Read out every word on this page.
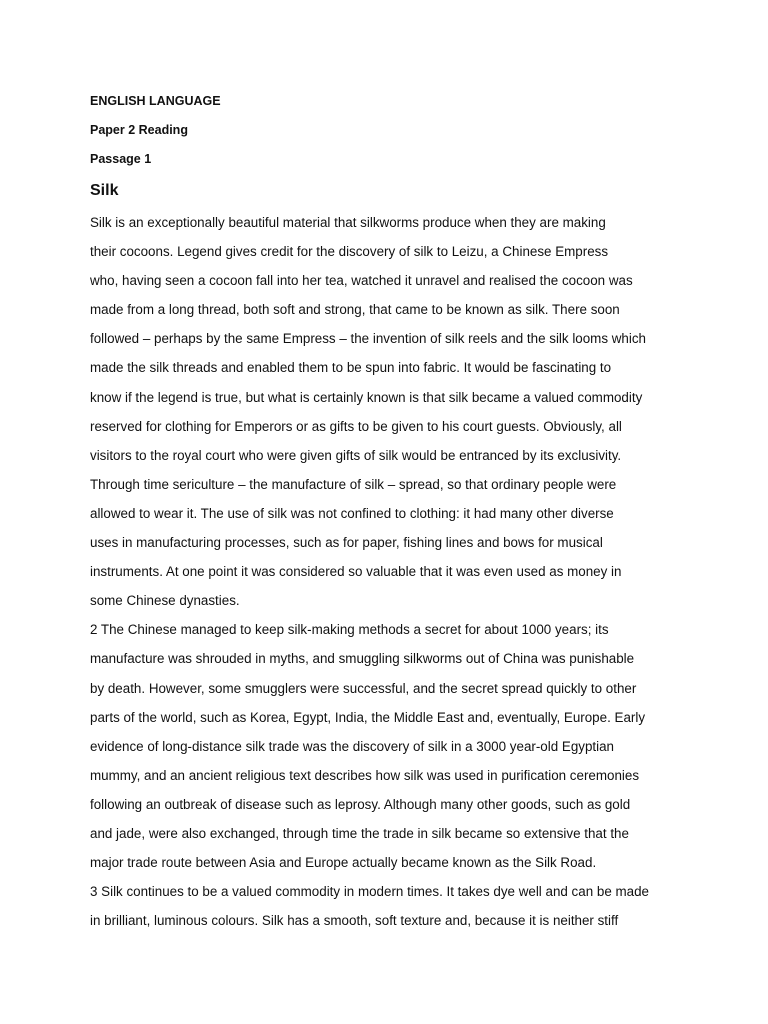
ENGLISH LANGUAGE
Paper 2 Reading
Passage 1
Silk
Silk is an exceptionally beautiful material that silkworms produce when they are making
their cocoons. Legend gives credit for the discovery of silk to Leizu, a Chinese Empress
who, having seen a cocoon fall into her tea, watched it unravel and realised the cocoon was
made from a long thread, both soft and strong, that came to be known as silk. There soon
followed – perhaps by the same Empress – the invention of silk reels and the silk looms which
made the silk threads and enabled them to be spun into fabric. It would be fascinating to
know if the legend is true, but what is certainly known is that silk became a valued commodity
reserved for clothing for Emperors or as gifts to be given to his court guests. Obviously, all
visitors to the royal court who were given gifts of silk would be entranced by its exclusivity.
Through time sericulture – the manufacture of silk – spread, so that ordinary people were
allowed to wear it. The use of silk was not confined to clothing: it had many other diverse
uses in manufacturing processes, such as for paper, fishing lines and bows for musical
instruments. At one point it was considered so valuable that it was even used as money in
some Chinese dynasties.
2 The Chinese managed to keep silk-making methods a secret for about 1000 years; its
manufacture was shrouded in myths, and smuggling silkworms out of China was punishable
by death. However, some smugglers were successful, and the secret spread quickly to other
parts of the world, such as Korea, Egypt, India, the Middle East and, eventually, Europe. Early
evidence of long-distance silk trade was the discovery of silk in a 3000 year-old Egyptian
mummy, and an ancient religious text describes how silk was used in purification ceremonies
following an outbreak of disease such as leprosy. Although many other goods, such as gold
and jade, were also exchanged, through time the trade in silk became so extensive that the
major trade route between Asia and Europe actually became known as the Silk Road.
3 Silk continues to be a valued commodity in modern times. It takes dye well and can be made
in brilliant, luminous colours. Silk has a smooth, soft texture and, because it is neither stiff
